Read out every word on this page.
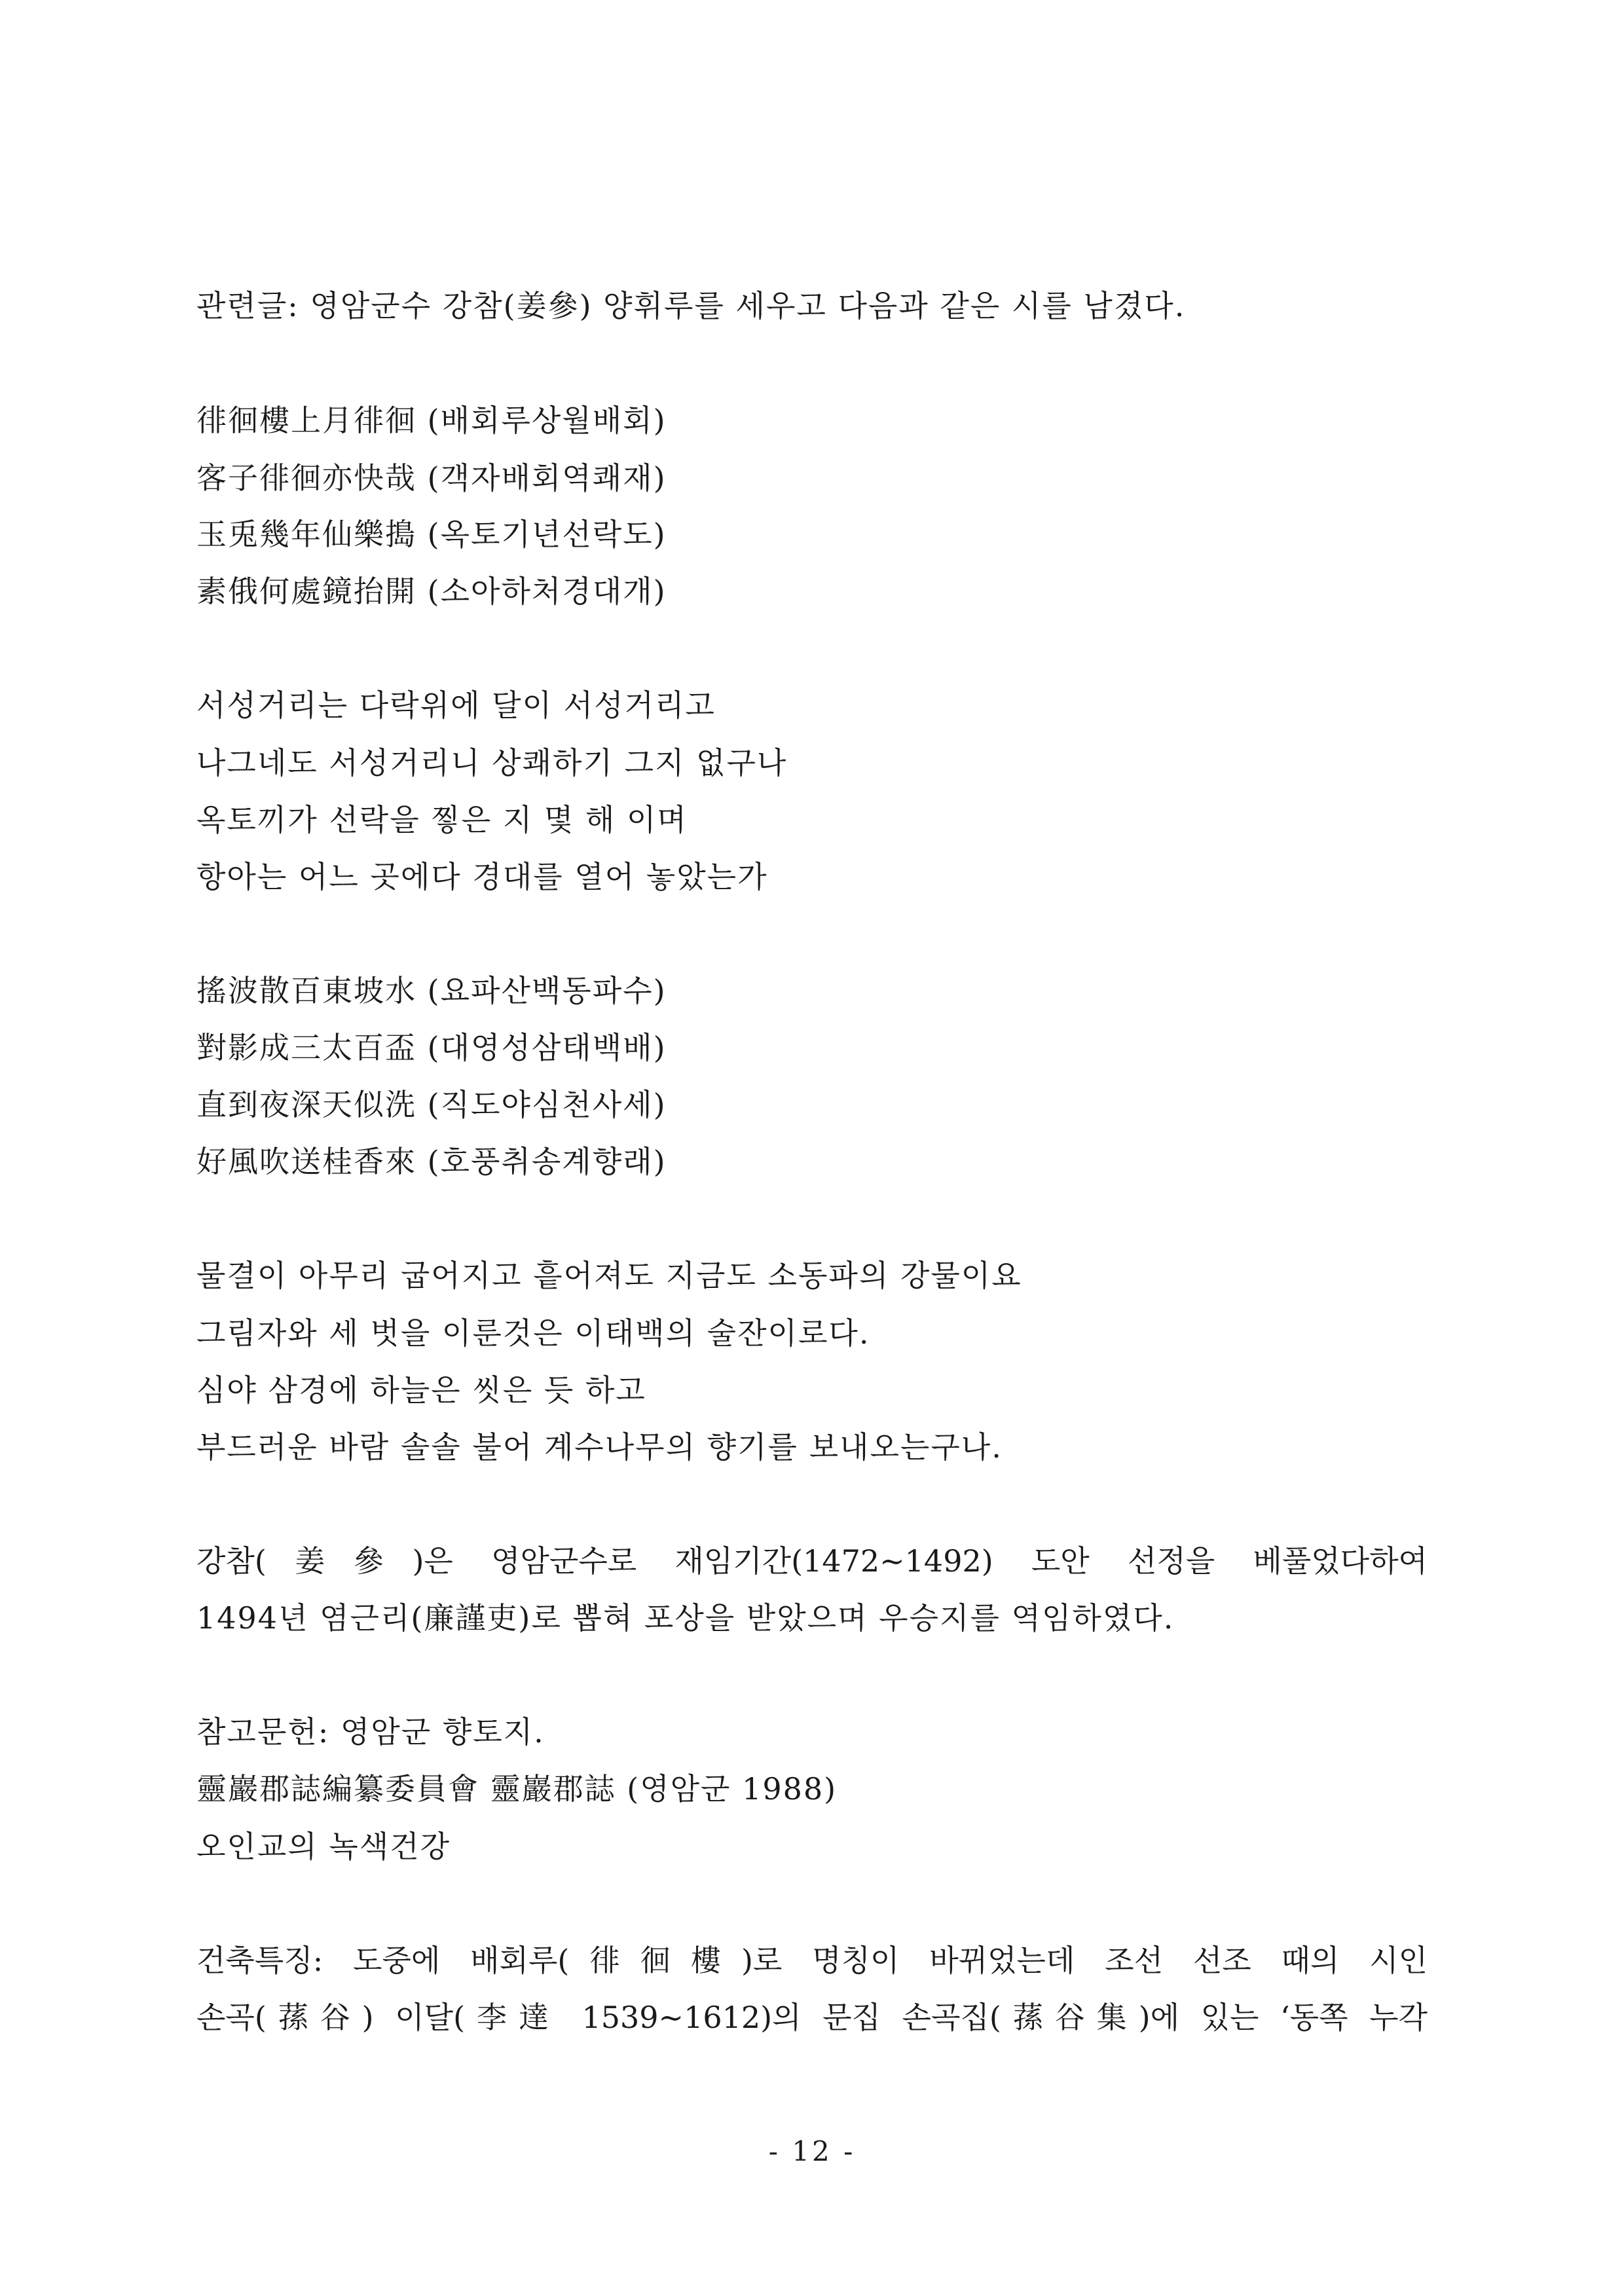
관련글: 영암군수 강참(姜參) 양휘루를 세우고 다음과 같은 시를 남겼다.
徘徊樓上月徘徊 (배회루상월배회)
客子徘徊亦快哉 (객자배회역쾌재)
玉兎幾年仙樂搗 (옥토기년선락도)
素俄何處鏡抬開 (소아하처경대개)
서성거리는 다락위에 달이 서성거리고
나그네도 서성거리니 상쾌하기 그지 없구나
옥토끼가 선락을 찧은 지 몇 해 이며
항아는 어느 곳에다 경대를 열어 놓았는가
搖波散百東坡水 (요파산백동파수)
對影成三太百盃 (대영성삼태백배)
直到夜深天似洗 (직도야심천사세)
好風吹送桂香來 (호풍취송계향래)
물결이 아무리 굽어지고 흩어져도 지금도 소동파의 강물이요
그림자와 세 벗을 이룬것은 이태백의 술잔이로다.
심야 삼경에 하늘은 씻은 듯 하고
부드러운 바람 솔솔 불어 계수나무의 향기를 보내오는구나.
강참(姜參)은 영암군수로 재임기간(1472~1492) 도안 선정을 베풀었다하여
1494년 염근리(廉謹吏)로 뽑혀 포상을 받았으며 우승지를 역임하였다.
참고문헌: 영암군 향토지.
靈巖郡誌編纂委員會 靈巖郡誌 (영암군 1988)
오인교의 녹색건강
건축특징: 도중에 배회루(徘徊樓)로 명칭이 바뀌었는데 조선 선조 때의 시인
손곡(蓀谷) 이달(李達 1539~1612)의 문집 손곡집(蓀谷集)에 있는 ‘동쪽 누각
- 12 -
